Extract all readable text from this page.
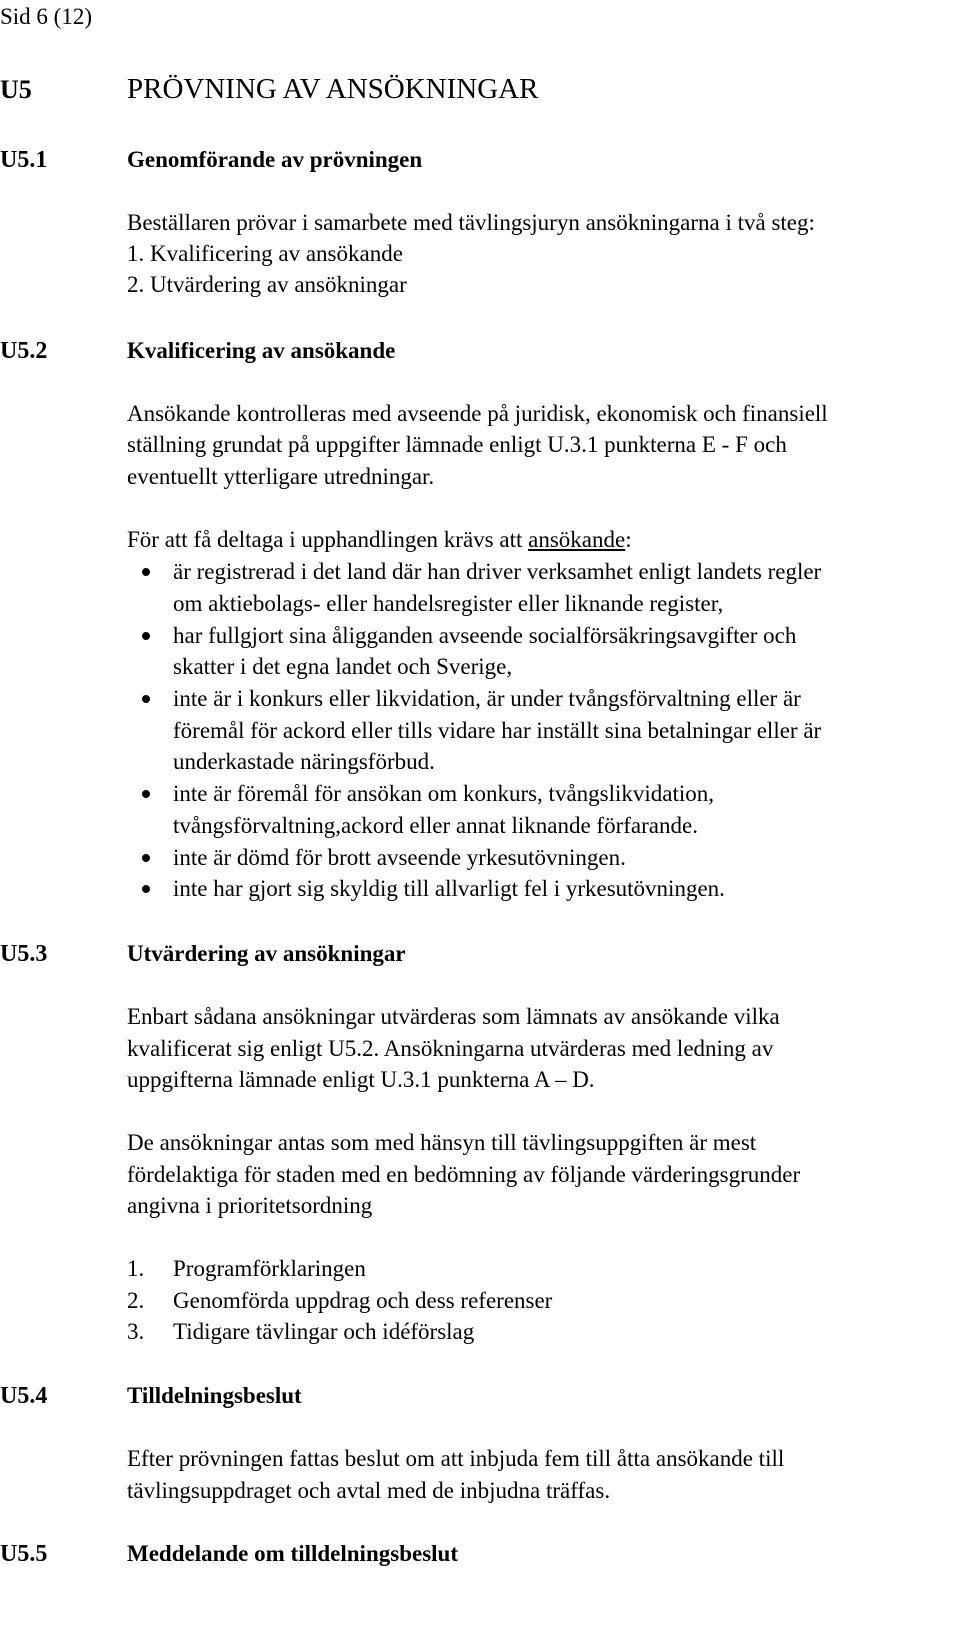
Sid 6 (12)
U5	PRÖVNING AV ANSÖKNINGAR
U5.1	Genomförande av prövningen
Beställaren prövar i samarbete med tävlingsjuryn ansökningarna i två steg:
1. Kvalificering av ansökande
2. Utvärdering av ansökningar
U5.2	Kvalificering av ansökande
Ansökande kontrolleras med avseende på juridisk, ekonomisk och finansiell
ställning grundat på uppgifter lämnade enligt U.3.1 punkterna E - F och
eventuellt ytterligare utredningar.
För att få deltaga i upphandlingen krävs att ansökande:
är registrerad i det land där han driver verksamhet enligt landets regler
om aktiebolags- eller handelsregister eller liknande register,
har fullgjort sina åligganden avseende socialförsäkringsavgifter och
skatter i det egna landet och Sverige,
inte är i konkurs eller likvidation, är under tvångsförvaltning eller är
föremål för ackord eller tills vidare har inställt sina betalningar eller är
underkastade näringsförbud.
inte är föremål för ansökan om konkurs, tvångslikvidation,
tvångsförvaltning,ackord eller annat liknande förfarande.
inte är dömd för brott avseende yrkesutövningen.
inte har gjort sig skyldig till allvarligt fel i yrkesutövningen.
U5.3	Utvärdering av ansökningar
Enbart sådana ansökningar utvärderas som lämnats av ansökande vilka
kvalificerat sig enligt U5.2. Ansökningarna utvärderas med ledning av
uppgifterna lämnade enligt U.3.1 punkterna A – D.
De ansökningar antas som med hänsyn till tävlingsuppgiften är mest
fördelaktiga för staden med en bedömning av följande värderingsgrunder
angivna i prioritetsordning
1. Programförklaringen
2. Genomförda uppdrag och dess referenser
3. Tidigare tävlingar och idéförslag
U5.4	Tilldelningsbeslut
Efter prövningen fattas beslut om att inbjuda fem till åtta ansökande till
tävlingsuppdraget och avtal med de inbjudna träffas.
U5.5	Meddelande om tilldelningsbeslut
